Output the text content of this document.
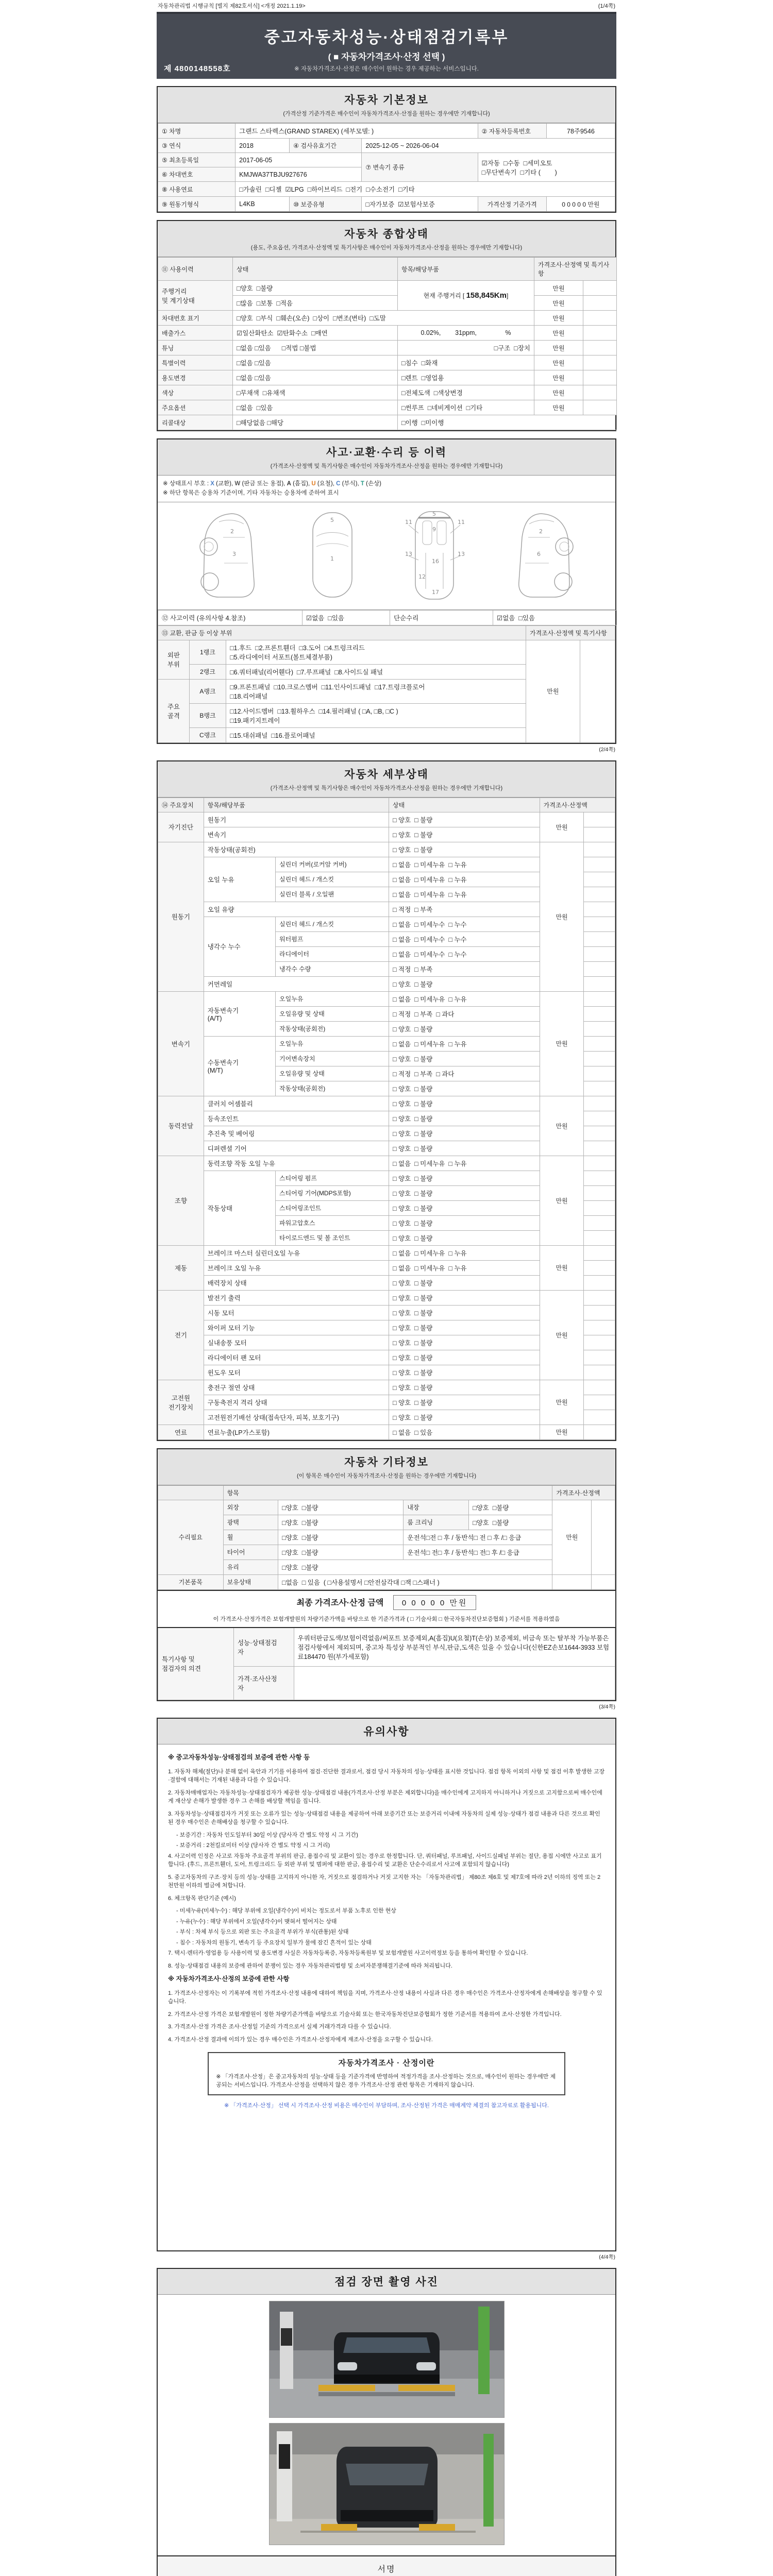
자동차관리법 시행규칙 [별지 제82호서식] <개정 2021.1.19>	(1/4쪽)
제 4800148558호
중고자동차성능·상태점검기록부
( ■ 자동차가격조사·산정 선택 )
※ 자동차가격조사·산정은 매수인이 원하는 경우 제공하는 서비스입니다.
자동차 기본정보
(가격산정 기준가격은 매수인이 자동차가격조사·산정을 원하는 경우에만 기재합니다)
① 차명	그랜드 스타렉스(GRAND STAREX) (세부모델: )			② 자동차등록번호	78주9546
③ 연식	2018	④ 검사유효기간	2025-12-05 ~ 2026-06-04		
⑤ 최초등록일	2017-06-05		⑦ 변속기 종류	☑자동  □수동  □세미오토
□무단변속기  □기타 (        )	
⑥ 차대번호	KMJWA37TBJU927676				
⑧ 사용연료	□가솔린  □디젤  ☑LPG  □하이브리드  □전기  □수소전기  □기타				
⑨ 원동기형식	L4KB	⑩ 보증유형	□자가보증  ☑보험사보증	가격산정 기준가격	0 0 0 0 0 만원
자동차 종합상태
(용도, 주요옵션, 가격조사·산정액 및 특기사항은 매수인이 자동차가격조사·산정을 원하는 경우에만 기재합니다)
⑪ 사용이력	상태	항목/해당부품	가격조사·산정액 및 특기사항	
주행거리
및 계기상태	□양호  □불량	현재 주행거리 [ 158,845Km]	만원	
	□많음  □보통  □적음		만원	
차대번호 표기	□양호  □부식  □훼손(오손)  □상이  □변조(변타)  □도말		만원	
배출가스	☑일산화탄소  ☑탄화수소  □매연	0.02%,        31ppm,                %	만원	
튜닝	□없음 □있음      □적법 □불법	□구조  □장치	만원	
특별이력	□없음 □있음	□침수  □화재	만원	
용도변경	□없음 □있음	□렌트  □영업용	만원	
색상	□무채색  □유채색	□전체도색  □색상변경	만원	
주요옵션	□없음  □있음	□썬루프  □네비게이션  □기타	만원	
리콜대상	□해당없음 □해당	□이행  □미이행		
사고·교환·수리 등 이력
(가격조사·산정액 및 특기사항은 매수인이 자동차가격조사·산정을 원하는 경우에만 기재합니다)
※ 상태표시 부호 : X (교환), W (판금 또는 용접), A (흠집), U (요철), C (부식), T (손상)
※ 하단 항목은 승용차 기준이며, 기타 자동차는 승용차에 준하여 표시
2
3
1
5	11	11
13	13
5
9
16
12
17
2
6
⑫ 사고이력 (유의사항 4.참조)	☑없음  □있음	단순수리	☑없음  □있음
⑬ 교환, 판금 등 이상 부위			가격조사·산정액 및 특기사항	
외판
부위	1랭크	□1.후드  □2.프론트휀더  □3.도어  □4.트렁크리드
□5.라디에이터 서포트(볼트체결부품)	만원	
	2랭크	□6.쿼터패널(리어휀다)  □7.루프패널  □8.사이드실 패널		
주요
골격	A랭크	□9.프론트패널  □10.크로스멤버  □11.인사이드패널  □17.트렁크플로어
□18.리어패널		
	B랭크	□12.사이드멤버  □13.휠하우스  □14.필러패널 ( □A, □B, □C )
□19.패키지트레이		
	C랭크	□15.대쉬패널  □16.플로어패널		
(2/4쪽)
자동차 세부상태
(가격조사·산정액 및 특기사항은 매수인이 자동차가격조사·산정을 원하는 경우에만 기재합니다)
⑭ 주요장치	항목/해당부품		상태	가격조사·산정액	
자기진단	원동기		□ 양호  □ 불량	만원	
	변속기		□ 양호  □ 불량		
원동기	작동상태(공회전)		□ 양호  □ 불량	만원	
	오일 누유	실린더 커버(로커암 커버)	□ 없음  □ 미세누유  □ 누유		
		실린더 헤드 / 개스킷	□ 없음  □ 미세누유  □ 누유		
		실린더 블록 / 오일팬	□ 없음  □ 미세누유  □ 누유		
	오일 유량		□ 적정  □ 부족		
	냉각수 누수	실린더 헤드 / 개스킷	□ 없음  □ 미세누수  □ 누수		
		워터펌프	□ 없음  □ 미세누수  □ 누수		
		라디에이터	□ 없음  □ 미세누수  □ 누수		
		냉각수 수량	□ 적정  □ 부족		
	커먼레일		□ 양호  □ 불량		
변속기	자동변속기
(A/T)	오일누유	□ 없음  □ 미세누유  □ 누유	만원	
		오일유량 및 상태	□ 적정  □ 부족  □ 과다		
		작동상태(공회전)	□ 양호  □ 불량		
	수동변속기
(M/T)	오일누유	□ 없음  □ 미세누유  □ 누유		
		기어변속장치	□ 양호  □ 불량		
		오일유량 및 상태	□ 적정  □ 부족  □ 과다		
		작동상태(공회전)	□ 양호  □ 불량		
동력전달	클러치 어셈블리		□ 양호  □ 불량	만원	
	등속조인트		□ 양호  □ 불량		
	추진축 및 베어링		□ 양호  □ 불량		
	디퍼렌셜 기어		□ 양호  □ 불량		
조향	동력조향 작동 오일 누유		□ 없음  □ 미세누유  □ 누유	만원	
	작동상태	스티어링 펌프	□ 양호  □ 불량		
		스티어링 기어(MDPS포함)	□ 양호  □ 불량		
		스티어링조인트	□ 양호  □ 불량		
		파워고압호스	□ 양호  □ 불량		
		타이로드엔드 및 볼 조인트	□ 양호  □ 불량		
제동	브레이크 마스터 실린더오일 누유		□ 없음  □ 미세누유  □ 누유	만원	
	브레이크 오일 누유		□ 없음  □ 미세누유  □ 누유		
	배력장치 상태		□ 양호  □ 불량		
전기	발전기 출력		□ 양호  □ 불량	만원	
	시동 모터		□ 양호  □ 불량		
	와이퍼 모터 기능		□ 양호  □ 불량		
	실내송풍 모터		□ 양호  □ 불량		
	라디에이터 팬 모터		□ 양호  □ 불량		
	윈도우 모터		□ 양호  □ 불량		
고전원
전기장치	충전구 절연 상태		□ 양호  □ 불량	만원	
	구동축전지 격리 상태		□ 양호  □ 불량		
	고전원전기배선 상태(접속단자, 피복, 보호기구)		□ 양호  □ 불량		
연료	연료누출(LP가스포함)		□ 없음  □ 있음	만원	
자동차 기타정보
(이 항목은 매수인이 자동차가격조사·산정을 원하는 경우에만 기재합니다)
	항목				가격조사·산정액	
수리필요	외장	□양호  □불량	내장	□양호  □불량	만원	
	광택	□양호  □불량	룸 크리닝	□양호  □불량		
	휠	□양호  □불량	운전석□전 □ 후 / 동반석□ 전 □ 후 /□ 응급			
	타이어	□양호  □불량	운전석□ 전□ 후 / 동반석□ 전□ 후 /□ 응급			
	유리	□양호  □불량				
기본품목	보유상태	□없음  □ 있음  ( □사용설명서 □안전삼각대 □잭 □스패너 )				
최종 가격조사·산정 금액 0 0 0 0 0 만원
이 가격조사·산정가격은 보험개발원의 차량기준가액을 바탕으로 한 기준가격과 ( □ 기술사회 □ 한국자동차진단보증협회 ) 기준서를 적용하였음
특기사항 및
점검자의 의견	성능·상태점검
자	우쿼터판금도색/보험이력없음/써포트 보증제외,A(흠집)U(요철)T(손상) 보증제외, 비금속 또는 탈부착 가능부품은 점검사항에서 제외되며, 중고차 특성상 부분적인 부식,판금,도색은 있을 수 있습니다(신한EZ손보1644-3933 보험료184470 원(부가세포함)
	가격·조사산정
자	
(3/4쪽)
유의사항
※ 중고자동차성능·상태점검의 보증에 관한 사항 등

1. 자동차 해체(절단)나 분해 없이 육안과 기기를 이용하여 점검·진단한 결과로서, 점검 당시 자동차의 성능·상태를 표시한 것입니다. 점검 항목 이외의 사항 및 점검 이후 발생한 고장·결함에 대해서는 기재된 내용과 다를 수 있습니다.

2. 자동차매매업자는 자동차성능·상태점검자가 제공한 성능·상태점검 내용(가격조사·산정 부분은 제외합니다)을 매수인에게 고지하지 아니하거나 거짓으로 고지함으로써 매수인에게 재산상 손해가 발생한 경우 그 손해를 배상할 책임을 집니다.

3. 자동차성능·상태점검자가 거짓 또는 오류가 있는 성능·상태점검 내용을 제공하여 아래 보증기간 또는 보증거리 이내에 자동차의 실제 성능·상태가 점검 내용과 다른 것으로 확인된 경우 매수인은 손해배상을 청구할 수 있습니다.

- 보증기간 : 자동차 인도일부터 30일 이상 (당사자 간 별도 약정 시 그 기간)

- 보증거리 : 2천킬로미터 이상 (당사자 간 별도 약정 시 그 거리)

4. 사고이력 인정은 사고로 자동차 주요골격 부위의 판금, 용접수리 및 교환이 있는 경우로 한정합니다. 단, 쿼터패널, 루프패널, 사이드실패널 부위는 절단, 용접 시에만 사고로 표기합니다. (후드, 프론트휀더, 도어, 트렁크리드 등 외판 부위 및 범퍼에 대한 판금, 용접수리 및 교환은 단순수리로서 사고에 포함되지 않습니다)

5. 중고자동차의 구조·장치 등의 성능·상태를 고지하지 아니한 자, 거짓으로 점검하거나 거짓 고지한 자는 「자동차관리법」 제80조 제6호 및 제7호에 따라 2년 이하의 징역 또는 2천만원 이하의 벌금에 처합니다.

6. 체크항목 판단기준 (예시)

- 미세누유(미세누수) : 해당 부위에 오일(냉각수)이 비치는 정도로서 부품 노후로 인한 현상

- 누유(누수) : 해당 부위에서 오일(냉각수)이 맺혀서 떨어지는 상태

- 부식 : 차체 부식 등으로 외판 또는 주요골격 부위가 부식(관통)된 상태

- 침수 : 자동차의 원동기, 변속기 등 주요장치 일부가 물에 잠긴 흔적이 있는 상태

7. 택시·렌터카·영업용 등 사용이력 및 용도변경 사실은 자동차등록증, 자동차등록원부 및 보험개발원 사고이력정보 등을 통하여 확인할 수 있습니다.

8. 성능·상태점검 내용의 보증에 관하여 분쟁이 있는 경우 자동차관리법령 및 소비자분쟁해결기준에 따라 처리됩니다.

※ 자동차가격조사·산정의 보증에 관한 사항

1. 가격조사·산정자는 이 기록부에 적힌 가격조사·산정 내용에 대하여 책임을 지며, 가격조사·산정 내용이 사실과 다른 경우 매수인은 가격조사·산정자에게 손해배상을 청구할 수 있습니다.

2. 가격조사·산정 가격은 보험개발원이 정한 차량기준가액을 바탕으로 기술사회 또는 한국자동차진단보증협회가 정한 기준서를 적용하여 조사·산정한 가격입니다.

3. 가격조사·산정 가격은 조사·산정일 기준의 가격으로서 실제 거래가격과 다를 수 있습니다.

4. 가격조사·산정 결과에 이의가 있는 경우 매수인은 가격조사·산정자에게 재조사·산정을 요구할 수 있습니다.

자동차가격조사 · 산정이란
※ 「가격조사·산정」은 중고자동차의 성능·상태 등을 기준가격에 반영하여 적정가격을 조사·산정하는 것으로, 매수인이 원하는 경우에만 제공되는 서비스입니다. 가격조사·산정을 선택하지 않은 경우 가격조사·산정 관련 항목은 기재하지 않습니다.
※ 「가격조사·산정」 선택 시 가격조사·산정 비용은 매수인이 부담하며, 조사·산정된 가격은 매매계약 체결의 참고자료로 활용됩니다.
(4/4쪽)
점검 장면 촬영 사진
서명
